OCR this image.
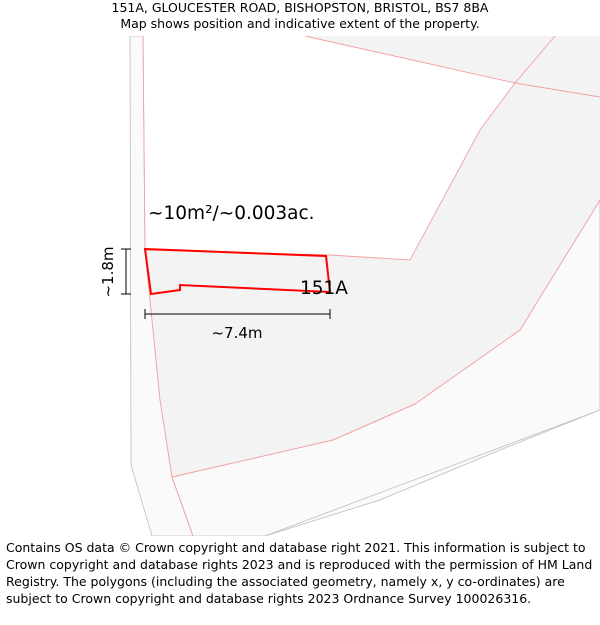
151A, GLOUCESTER ROAD, BISHOPSTON, BRISTOL, BS7 8BA
Map shows position and indicative extent of the property.
~10m²/~0.003ac.
151A
~1.8m
~7.4m
Contains OS data © Crown copyright and database right 2021. This information is subject to Crown copyright and database rights 2023 and is reproduced with the permission of HM Land Registry. The polygons (including the associated geometry, namely x, y co-ordinates) are subject to Crown copyright and database rights 2023 Ordnance Survey 100026316.
